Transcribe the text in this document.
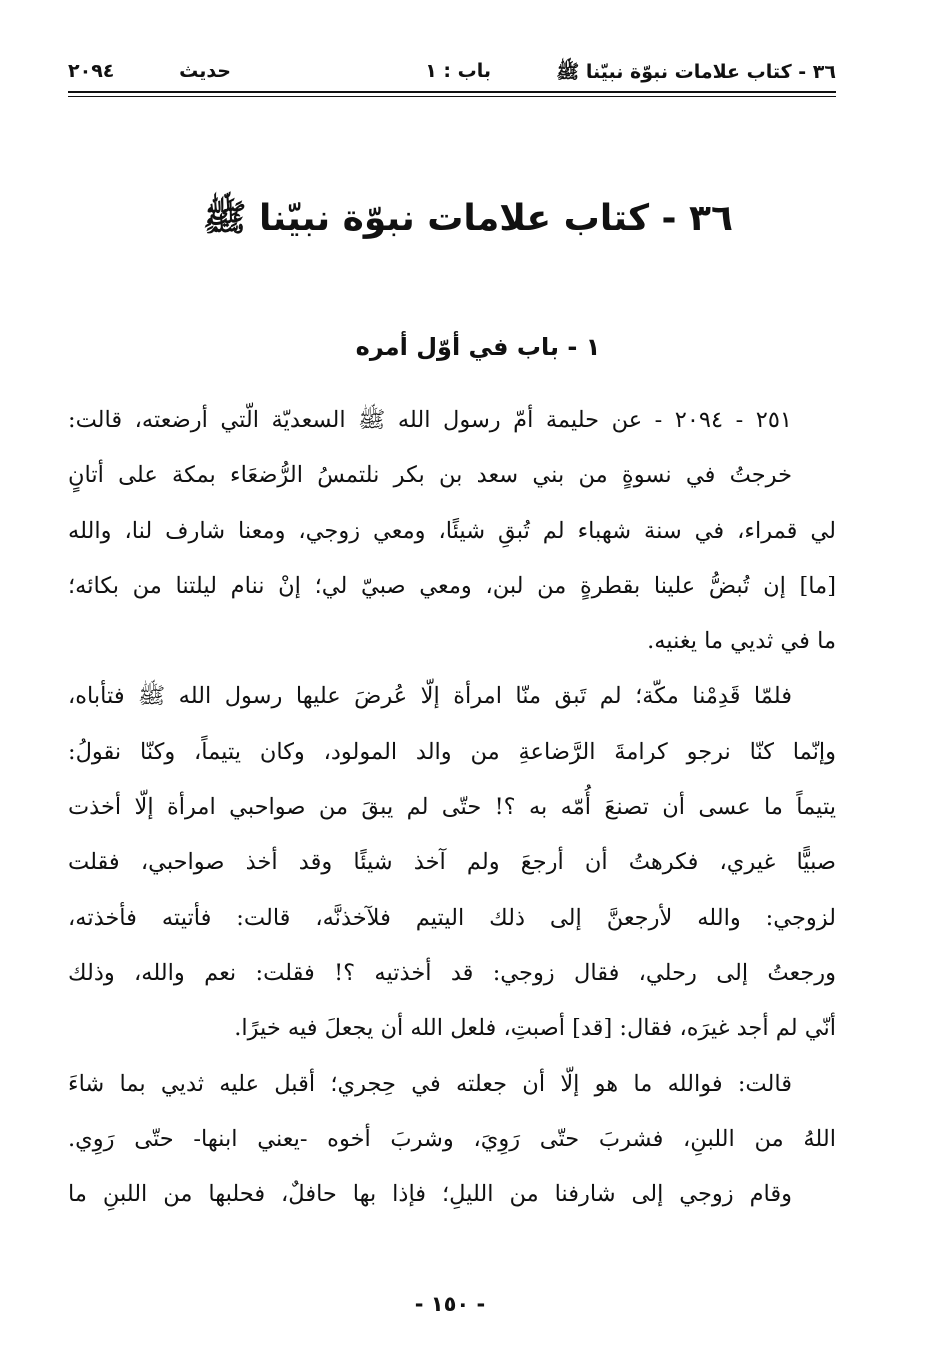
٣٦ - كتاب علامات نبوّة نبيّنا ﷺ
باب : ١
حديث
٢٠٩٤
٣٦ - كتاب علامات نبوّة نبيّنا ﷺ
١ - باب في أوّل أمره
٢٥١ - ٢٠٩٤ - عن حليمة أمّ رسول الله ﷺ السعديّة الّتي أرضعته، قالت:
خرجتُ في نسوةٍ من بني سعد بن بكر نلتمسُ الرُّضعَاء بمكة على أتانٍ
لي قمراء، في سنة شهباء لم تُبقِ شيئًا، ومعي زوجي، ومعنا شارف لنا، والله
[ما] إن تُبضُّ علينا بقطرةٍ من لبن، ومعي صبيّ لي؛ إنْ ننام ليلتنا من بكائه؛
ما في ثديي ما يغنيه.
فلمّا قَدِمْنا مكّة؛ لم تَبق منّا امرأة إلّا عُرضَ عليها رسول الله ﷺ فتأباه،
وإنّما كنّا نرجو كرامةَ الرَّضاعةِ من والد المولود، وكان يتيماً، وكنّا نقولُ:
يتيماً ما عسى أن تصنعَ أُمّه به ؟! حتّى لم يبقَ من صواحبي امرأة إلّا أخذت
صبيًّا غيري، فكرهتُ أن أرجعَ ولم آخذ شيئًا وقد أخذ صواحبي، فقلت
لزوجي: والله لأرجعنَّ إلى ذلك اليتيم فلآخذنَّه، قالت: فأتيته فأخذته،
ورجعتُ إلى رحلي، فقال زوجي: قد أخذتيه ؟! فقلت: نعم والله، وذلك
أنّي لم أجد غيرَه، فقال: [قد] أصبتِ، فلعل الله أن يجعلَ فيه خيرًا.
قالت: فوالله ما هو إلّا أن جعلته في حِجري؛ أقبل عليه ثديي بما شاءَ
اللهُ من اللبنِ، فشربَ حتّى رَوِيَ، وشربَ أخوه -يعني ابنها- حتّى رَوِي.
وقام زوجي إلى شارفنا من الليلِ؛ فإذا بها حافلٌ، فحلبها من اللبنِ ما
- ١٥٠ -
